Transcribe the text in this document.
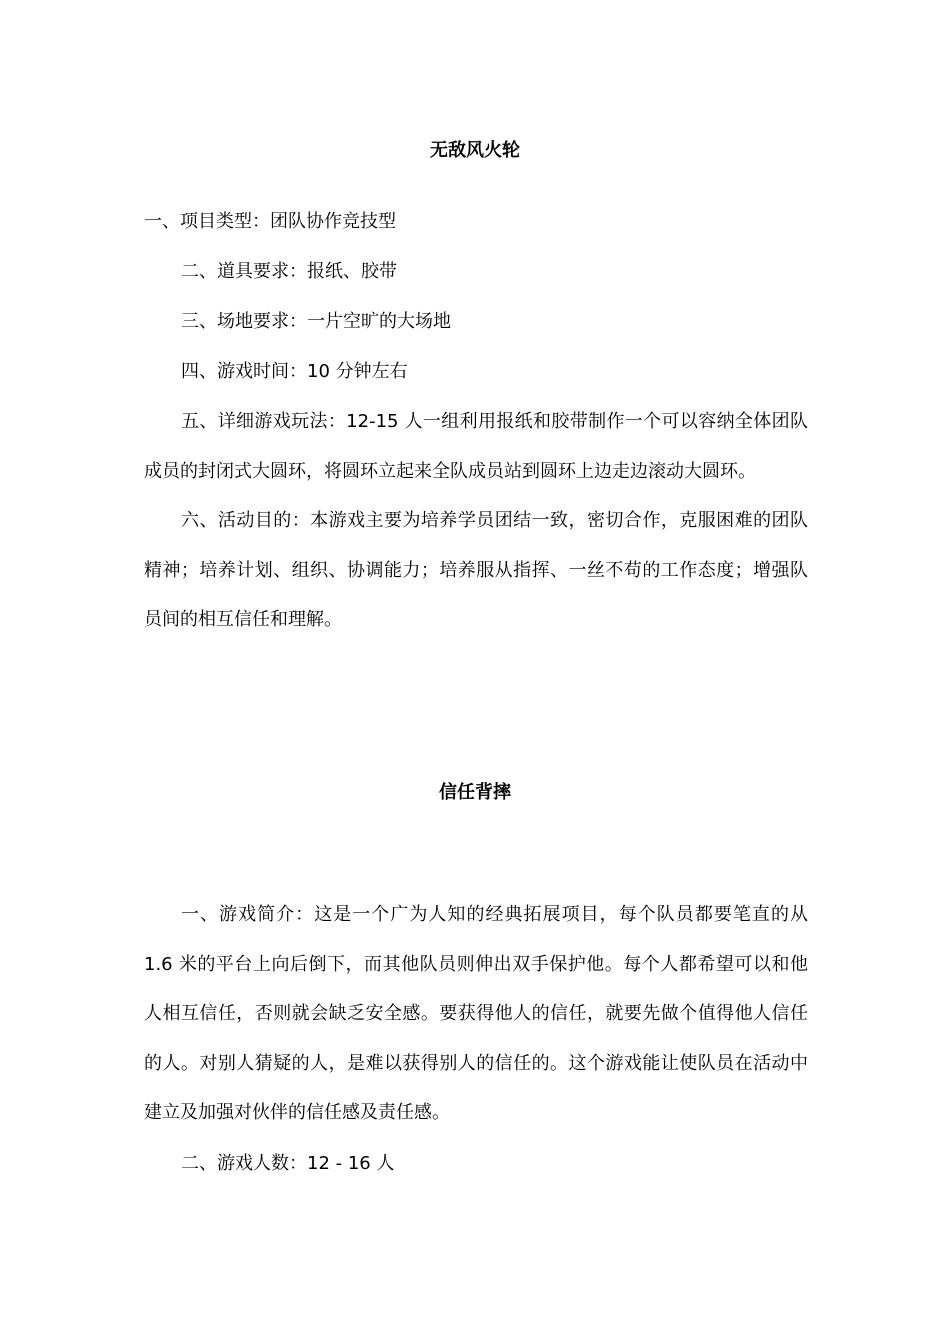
无敌风火轮

一、项目类型：团队协作竞技型

二、道具要求：报纸、胶带

三、场地要求：一片空旷的大场地

四、游戏时间：10 分钟左右

五、详细游戏玩法：12-15 人一组利用报纸和胶带制作一个可以容纳全体团队成员的封闭式大圆环，将圆环立起来全队成员站到圆环上边走边滚动大圆环。

六、活动目的：本游戏主要为培养学员团结一致，密切合作，克服困难的团队精神；培养计划、组织、协调能力；培养服从指挥、一丝不苟的工作态度；增强队员间的相互信任和理解。

信任背摔

一、游戏简介：这是一个广为人知的经典拓展项目，每个队员都要笔直的从 1.6 米的平台上向后倒下，而其他队员则伸出双手保护他。每个人都希望可以和他人相互信任，否则就会缺乏安全感。要获得他人的信任，就要先做个值得他人信任的人。对别人猜疑的人，是难以获得别人的信任的。这个游戏能让使队员在活动中建立及加强对伙伴的信任感及责任感。

二、游戏人数：12 - 16 人
